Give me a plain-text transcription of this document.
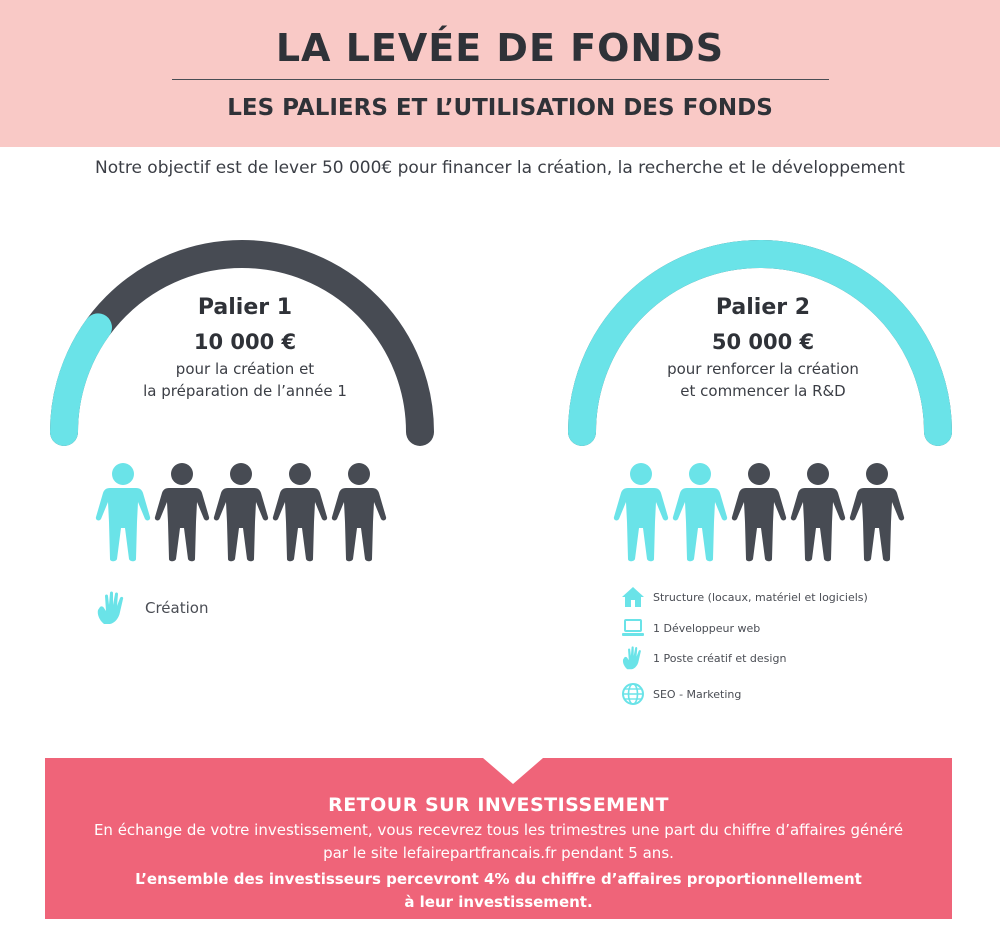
LA LEVÉE DE FONDS
LES PALIERS ET L’UTILISATION DES FONDS
Notre objectif est de lever 50 000€ pour financer la création, la recherche et le développement
Palier 1
10 000 €
pour la création et
la préparation de l’année 1
Palier 2
50 000 €
pour renforcer la création
et commencer la R&D
Création
Structure (locaux, matériel et logiciels)
1 Développeur web
1 Poste créatif et design
SEO - Marketing
RETOUR SUR INVESTISSEMENT
En échange de votre investissement, vous recevrez tous les trimestres une part du chiffre d’affaires généré
par le site lefairepartfrancais.fr pendant 5 ans.
L’ensemble des investisseurs percevront 4% du chiffre d’affaires proportionnellement
à leur investissement.
